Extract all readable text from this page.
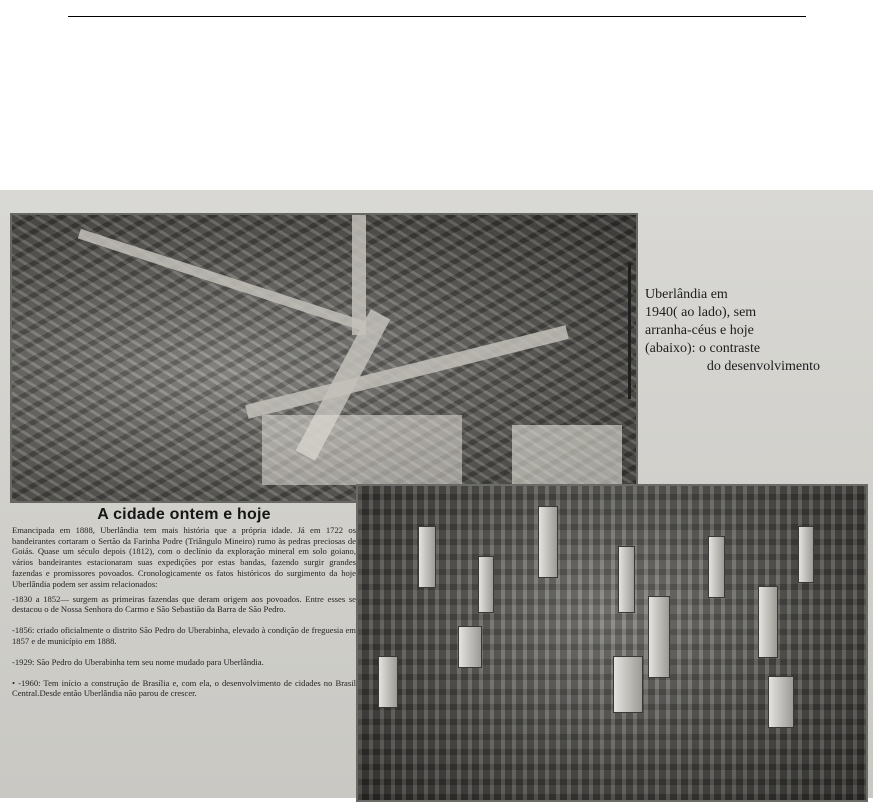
Uberlândia em
1940( ao lado), sem
arranha-céus e hoje
(abaixo): o contraste
do desenvolvimento
A cidade ontem e hoje

Emancipada em 1888, Uberlândia tem mais história que a própria idade. Já em 1722 os bandeirantes cortaram o Sertão da Farinha Podre (Triângulo Mineiro) rumo às pedras preciosas de Goiás. Quase um século depois (1812), com o declínio da exploração mineral em solo goiano, vários bandeirantes estacionaram suas expedições por estas bandas, fazendo surgir grandes fazendas e promissores povoados. Cronologicamente os fatos históricos do surgimento da hoje Uberlândia podem ser assim relacionados:

-1830 a 1852— surgem as primeiras fazendas que deram origem aos povoados. Entre esses se destacou o de Nossa Senhora do Carmo e São Sebastião da Barra de São Pedro.

-1856: criado oficialmente o distrito São Pedro do Uberabinha, elevado à condição de freguesia em 1857 e de município em 1888.

-1929: São Pedro do Uberabinha tem seu nome mudado para Uberlândia.

• -1960: Tem início a construção de Brasília e, com ela, o desenvolvimento de cidades no Brasil Central.Desde então Uberlândia não parou de crescer.
